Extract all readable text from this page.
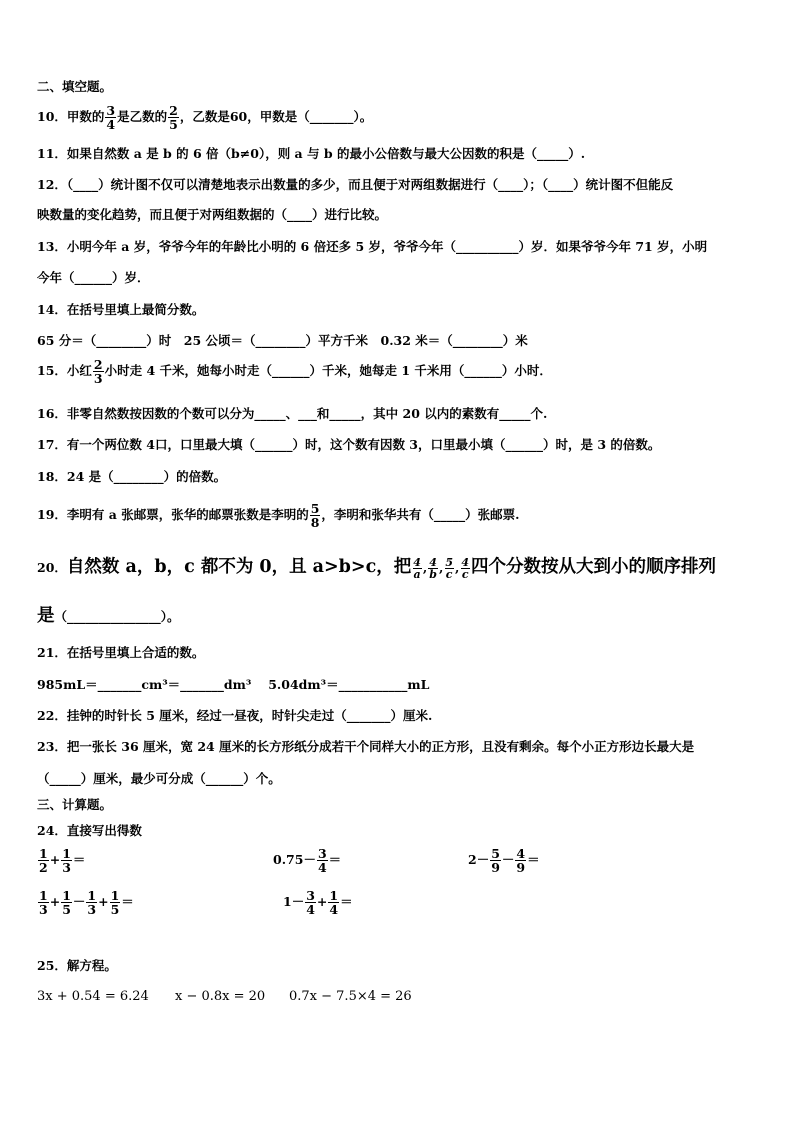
二、填空题。
10．甲数的 $\frac{3}{4}$ 是乙数的 $\frac{2}{5}$ ，乙数是60，甲数是（_______）。
11．如果自然数 a 是 b 的 6 倍（b≠0），则 a 与 b 的最小公倍数与最大公因数的积是（_____）.
12．（____）统计图不仅可以清楚地表示出数量的多少，而且便于对两组数据进行（____）；（____）统计图不但能反
映数量的变化趋势，而且便于对两组数据的（____）进行比较。
13．小明今年 a 岁，爷爷今年的年龄比小明的 6 倍还多 5 岁，爷爷今年（__________）岁．如果爷爷今年 71 岁，小明
今年（______）岁．
14．在括号里填上最简分数。
65 分＝（________）时　25 公顷＝（________）平方千米　0.32 米＝（________）米
15．小红 $\frac{2}{3}$ 小时走 4 千米，她每小时走（______）千米，她每走 1 千米用（______）小时．
16．非零自然数按因数的个数可以分为_____、___和_____，其中 20 以内的素数有_____个.
17．有一个两位数 4口，口里最大填（______）时，这个数有因数 3，口里最小填（______）时，是 3 的倍数。
18．24 是（________）的倍数。
19．李明有 a 张邮票，张华的邮票张数是李明的 $\frac{5}{8}$ ，李明和张华共有（_____）张邮票.
20．自然数 a，b，c 都不为 0，且 a>b>c，把 $\frac{4}{a}$ , $\frac{4}{b}$ , $\frac{5}{c}$ , $\frac{4}{c}$ 四个分数按从大到小的顺序排列
是（_______________）。
21．在括号里填上合适的数。
985mL＝_______cm³＝_______dm³　 5.04dm³＝___________mL
22．挂钟的时针长 5 厘米，经过一昼夜，时针尖走过（_______）厘米.
23．把一张长 36 厘米，宽 24 厘米的长方形纸分成若干个同样大小的正方形，且没有剩余。每个小正方形边长最大是
（_____）厘米，最少可分成（______）个。
三、计算题。
24．直接写出得数
$\frac{1}{2} + \frac{1}{3}$ ＝	$0.75- \frac{3}{4}$ ＝	$2- \frac{5}{9} - \frac{4}{9}$ ＝
$\frac{1}{3} + \frac{1}{5} - \frac{1}{3} + \frac{1}{5}$ ＝	$1- \frac{3}{4} + \frac{1}{4}$ ＝
25．解方程。
3x + 0.54 = 6.24 x − 0.8x = 20 0.7x − 7.5×4 = 26
